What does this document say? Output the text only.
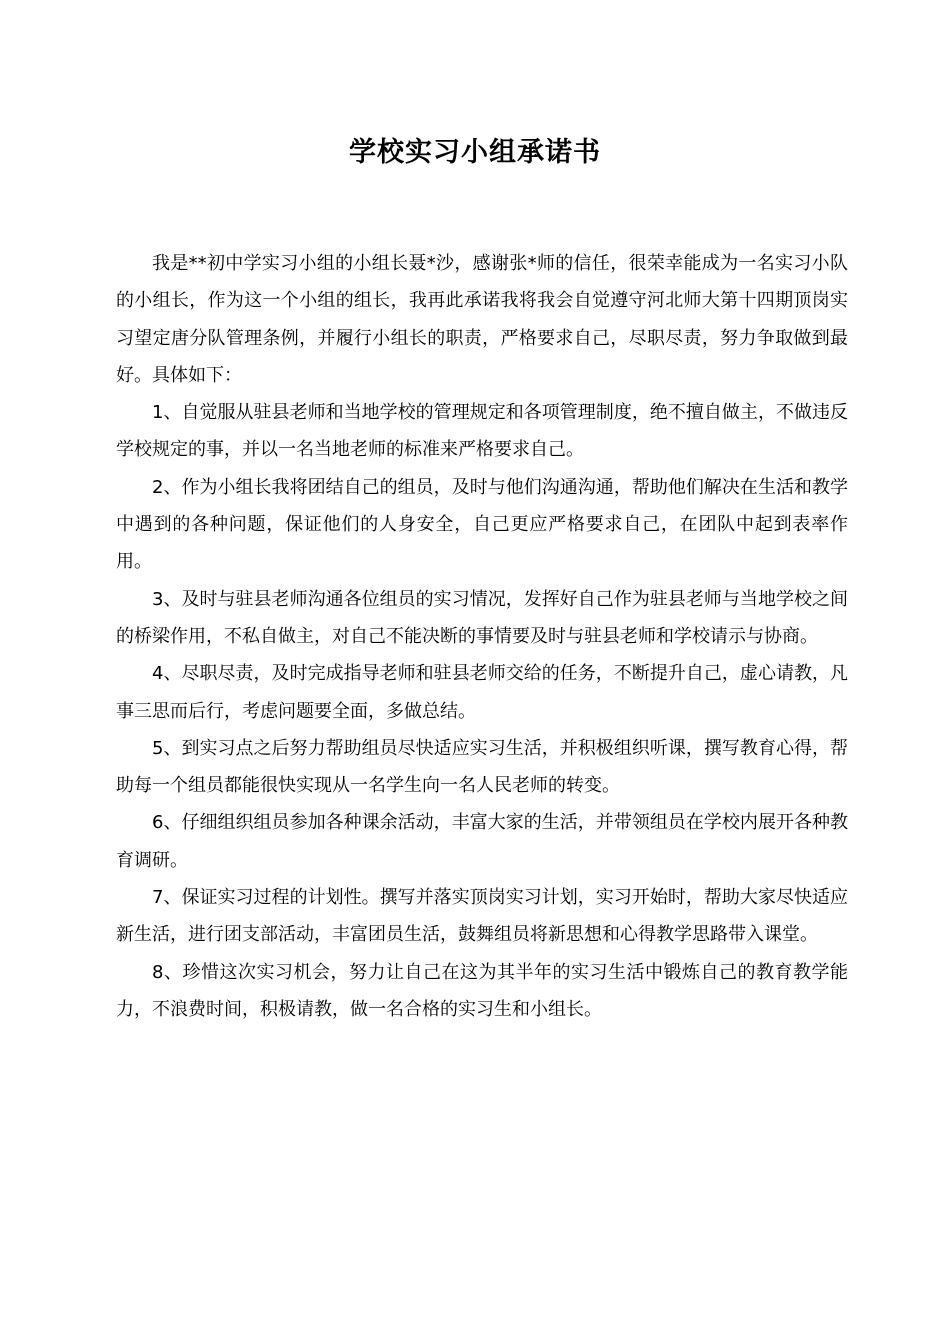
学校实习小组承诺书

我是**初中学实习小组的小组长聂*沙，感谢张*师的信任，很荣幸能成为一名实习小队的小组长，作为这一个小组的组长，我再此承诺我将我会自觉遵守河北师大第十四期顶岗实习望定唐分队管理条例，并履行小组长的职责，严格要求自己，尽职尽责，努力争取做到最好。具体如下：

1、自觉服从驻县老师和当地学校的管理规定和各项管理制度，绝不擅自做主，不做违反学校规定的事，并以一名当地老师的标准来严格要求自己。

2、作为小组长我将团结自己的组员，及时与他们沟通沟通，帮助他们解决在生活和教学中遇到的各种问题，保证他们的人身安全，自己更应严格要求自己，在团队中起到表率作用。

3、及时与驻县老师沟通各位组员的实习情况，发挥好自己作为驻县老师与当地学校之间的桥梁作用，不私自做主，对自己不能决断的事情要及时与驻县老师和学校请示与协商。

4、尽职尽责，及时完成指导老师和驻县老师交给的任务，不断提升自己，虚心请教，凡事三思而后行，考虑问题要全面，多做总结。

5、到实习点之后努力帮助组员尽快适应实习生活，并积极组织听课，撰写教育心得，帮助每一个组员都能很快实现从一名学生向一名人民老师的转变。

6、仔细组织组员参加各种课余活动，丰富大家的生活，并带领组员在学校内展开各种教育调研。

7、保证实习过程的计划性。撰写并落实顶岗实习计划，实习开始时，帮助大家尽快适应新生活，进行团支部活动，丰富团员生活，鼓舞组员将新思想和心得教学思路带入课堂。

8、珍惜这次实习机会，努力让自己在这为其半年的实习生活中锻炼自己的教育教学能力，不浪费时间，积极请教，做一名合格的实习生和小组长。
